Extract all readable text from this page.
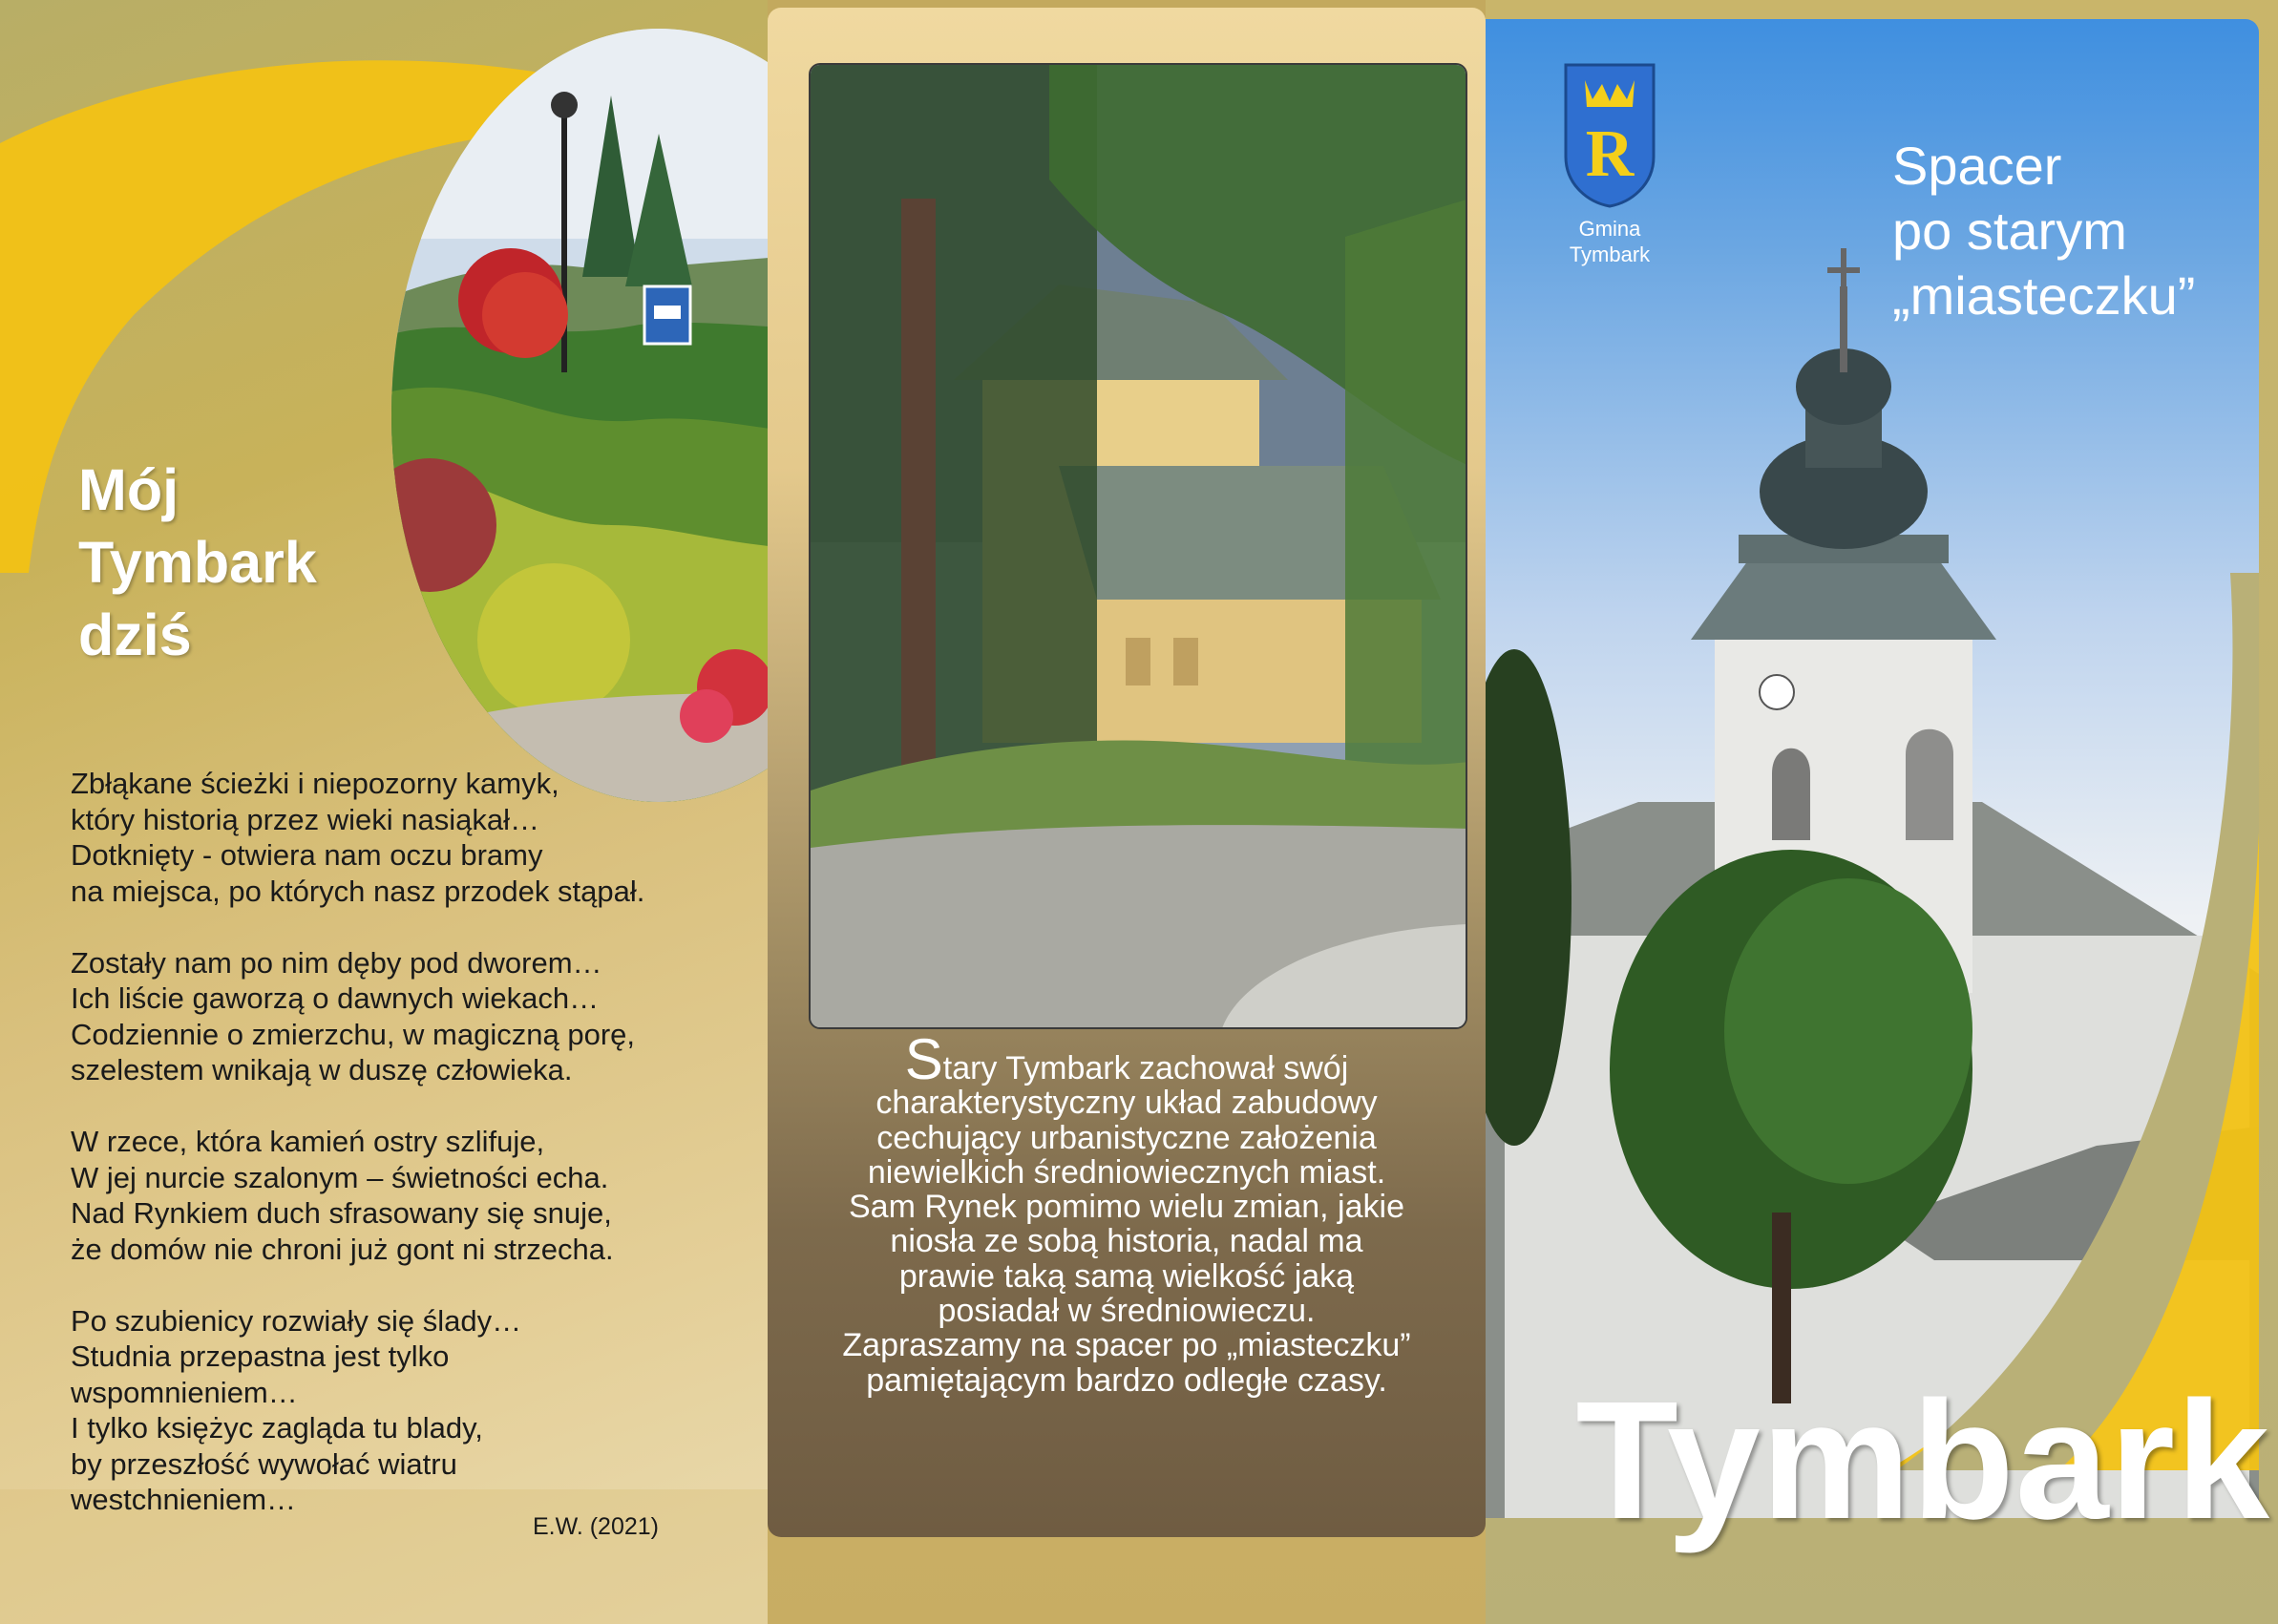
Mój
Tymbark
dziś
Zbłąkane ścieżki i niepozorny kamyk,
który historią przez wieki nasiąkał…
Dotknięty - otwiera nam oczu bramy
na miejsca, po których nasz przodek stąpał.
Zostały nam po nim dęby pod dworem…
Ich liście gaworzą o dawnych wiekach…
Codziennie o zmierzchu, w magiczną porę,
szelestem wnikają w duszę człowieka.
W rzece, która kamień ostry szlifuje,
W jej nurcie szalonym – świetności echa.
Nad Rynkiem duch sfrasowany się snuje,
że domów nie chroni już gont ni strzecha.
Po szubienicy rozwiały się ślady…
Studnia przepastna jest tylko
wspomnieniem…
I tylko księżyc zagląda tu blady,
by przeszłość wywołać wiatru
westchnieniem…
E.W. (2021)
Stary Tymbark zachował swój
charakterystyczny układ zabudowy
cechujący urbanistyczne założenia
niewielkich średniowiecznych miast.
Sam Rynek pomimo wielu zmian, jakie
niosła ze sobą historia, nadal ma
prawie taką samą wielkość jaką
posiadał w średniowieczu.
Zapraszamy na spacer po „miasteczku”
pamiętającym bardzo odległe czasy.
R
Gmina
Tymbark
Spacer
po starym
„miasteczku”
Tymbark
